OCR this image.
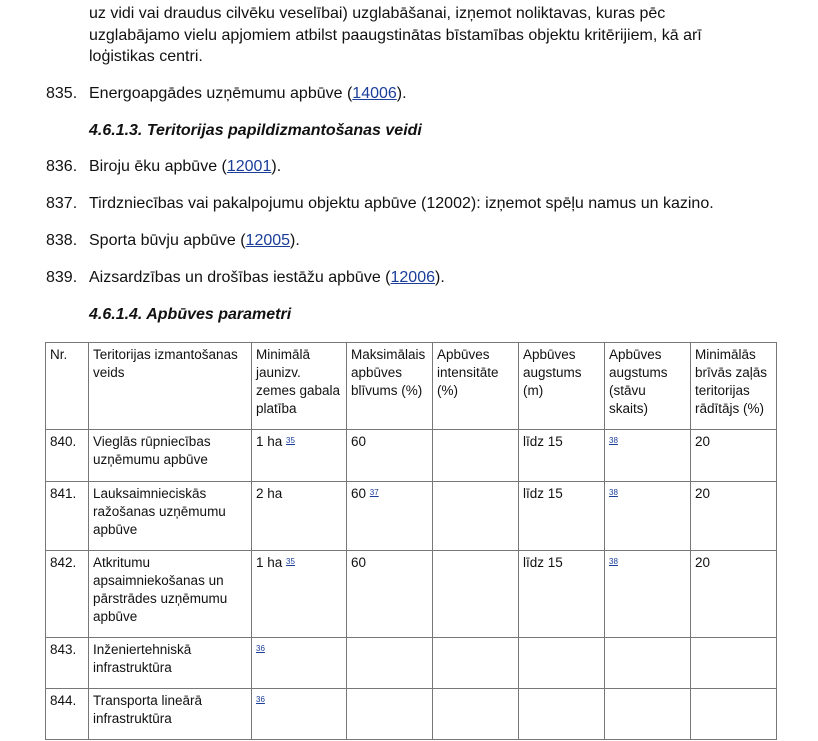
uz vidi vai draudus cilvēku veselībai) uzglabāšanai, izņemot noliktavas, kuras pēc
uzglabājamo vielu apjomiem atbilst paaugstinātas bīstamības objektu kritērijiem, kā arī
loģistikas centri.
835. Energoapgādes uzņēmumu apbūve (14006).
4.6.1.3. Teritorijas papildizmantošanas veidi
836. Biroju ēku apbūve (12001).
837. Tirdzniecības vai pakalpojumu objektu apbūve (12002): izņemot spēļu namus un kazino.
838. Sporta būvju apbūve (12005).
839. Aizsardzības un drošības iestāžu apbūve (12006).
4.6.1.4. Apbūves parametri
Nr.	Teritorijas izmantošanas veids	Minimālā jaunizv. zemes gabala platība	Maksimālais apbūves blīvums (%)	Apbūves intensitāte (%)	Apbūves augstums (m)	Apbūves augstums (stāvu skaits)	Minimālās brīvās zaļās teritorijas rādītājs (%)
840.	Vieglās rūpniecības uzņēmumu apbūve	1 ha $^{35}$	60		līdz 15	$^{38}$	20
841.	Lauksaimnieciskās ražošanas uzņēmumu apbūve	2 ha	60 $^{37}$		līdz 15	$^{38}$	20
842.	Atkritumu apsaimniekošanas un pārstrādes uzņēmumu apbūve	1 ha $^{35}$	60		līdz 15	$^{38}$	20
843.	Inženiertehniskā infrastruktūra	$^{36}$					
844.	Transporta lineārā infrastruktūra	$^{36}$					
